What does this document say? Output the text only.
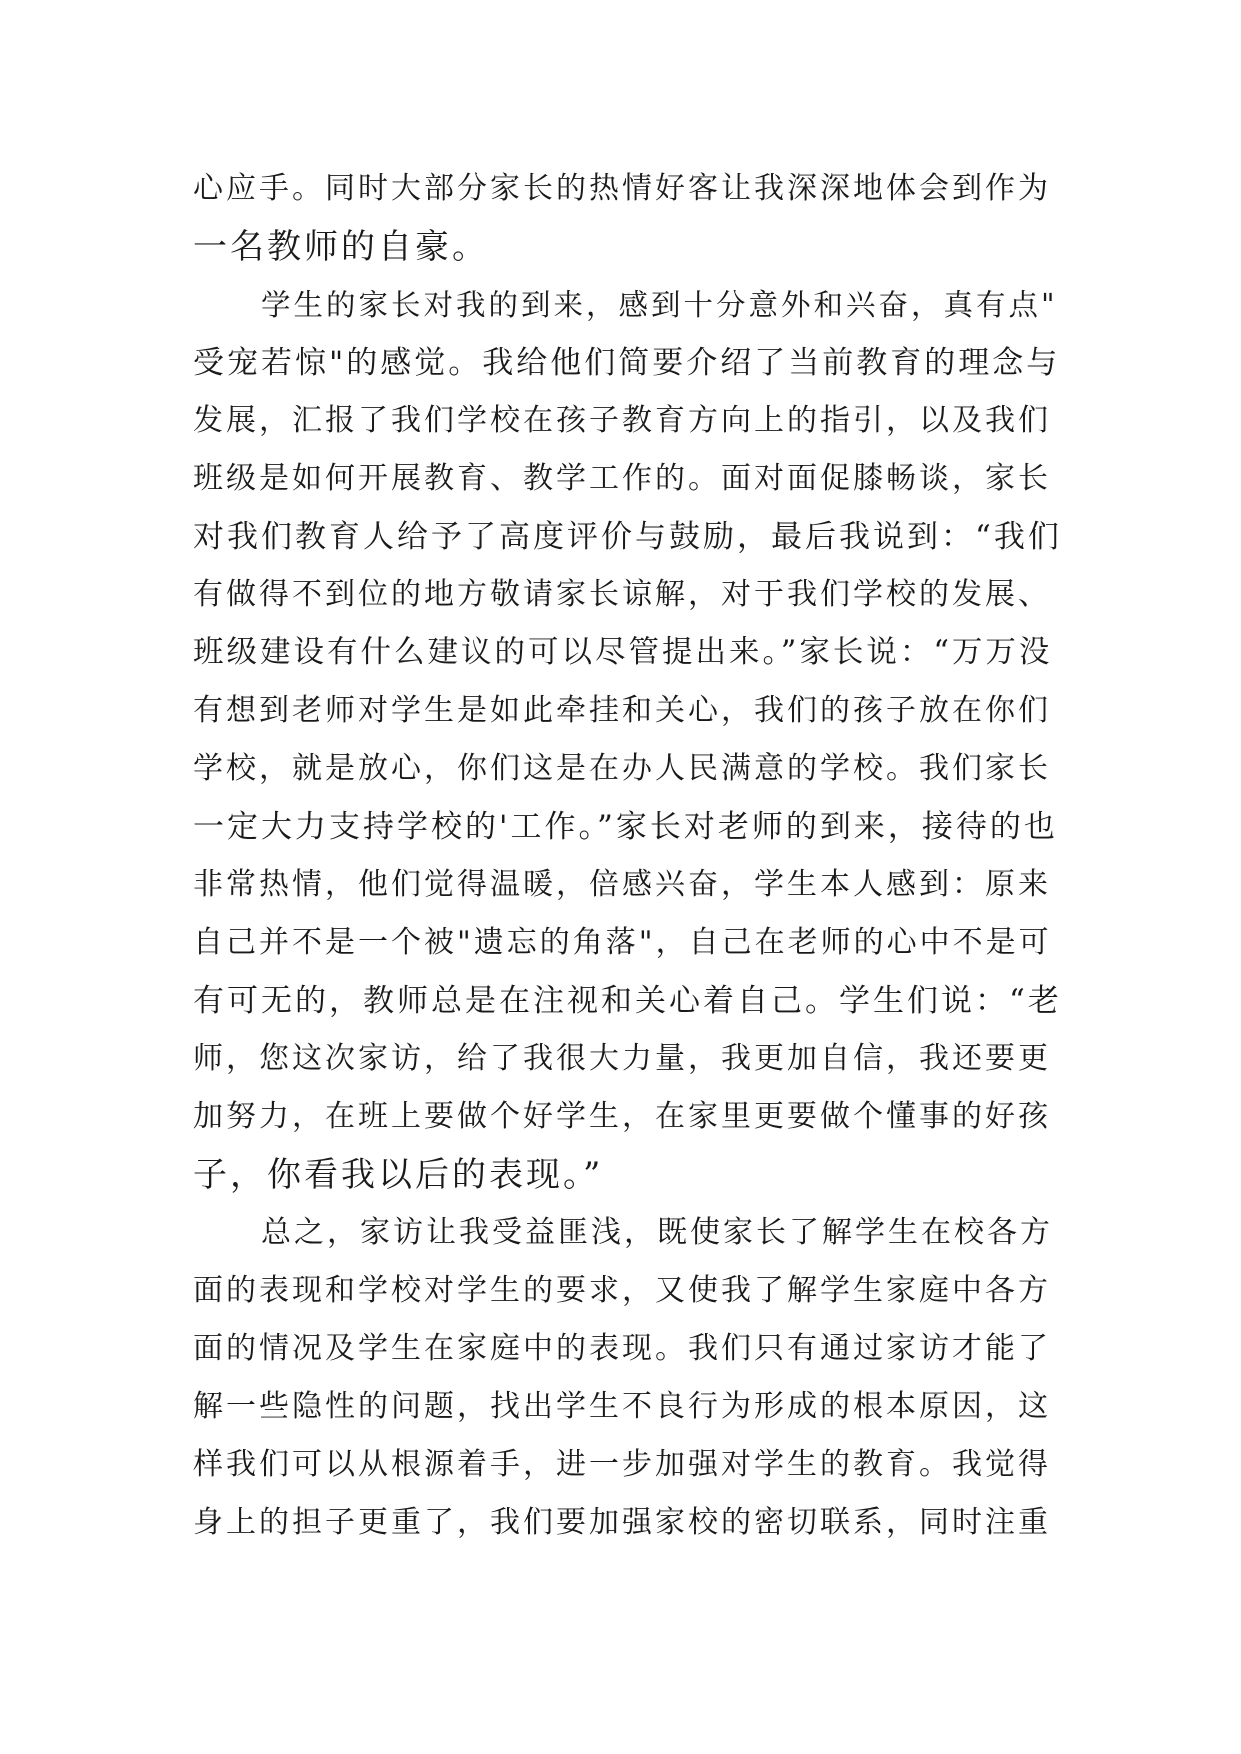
心应手。同时大部分家长的热情好客让我深深地体会到作为
一名教师的自豪。
学生的家长对我的到来，感到十分意外和兴奋，真有点"
受宠若惊"的感觉。我给他们简要介绍了当前教育的理念与
发展，汇报了我们学校在孩子教育方向上的指引，以及我们
班级是如何开展教育、教学工作的。面对面促膝畅谈，家长
对我们教育人给予了高度评价与鼓励，最后我说到：“我们
有做得不到位的地方敬请家长谅解，对于我们学校的发展、
班级建设有什么建议的可以尽管提出来。”家长说：“万万没
有想到老师对学生是如此牵挂和关心，我们的孩子放在你们
学校，就是放心，你们这是在办人民满意的学校。我们家长
一定大力支持学校的'工作。”家长对老师的到来，接待的也
非常热情，他们觉得温暖，倍感兴奋，学生本人感到：原来
自己并不是一个被"遗忘的角落"，自己在老师的心中不是可
有可无的，教师总是在注视和关心着自己。学生们说：“老
师，您这次家访，给了我很大力量，我更加自信，我还要更
加努力，在班上要做个好学生，在家里更要做个懂事的好孩
子，你看我以后的表现。”
总之，家访让我受益匪浅，既使家长了解学生在校各方
面的表现和学校对学生的要求，又使我了解学生家庭中各方
面的情况及学生在家庭中的表现。我们只有通过家访才能了
解一些隐性的问题，找出学生不良行为形成的根本原因，这
样我们可以从根源着手，进一步加强对学生的教育。我觉得
身上的担子更重了，我们要加强家校的密切联系，同时注重
